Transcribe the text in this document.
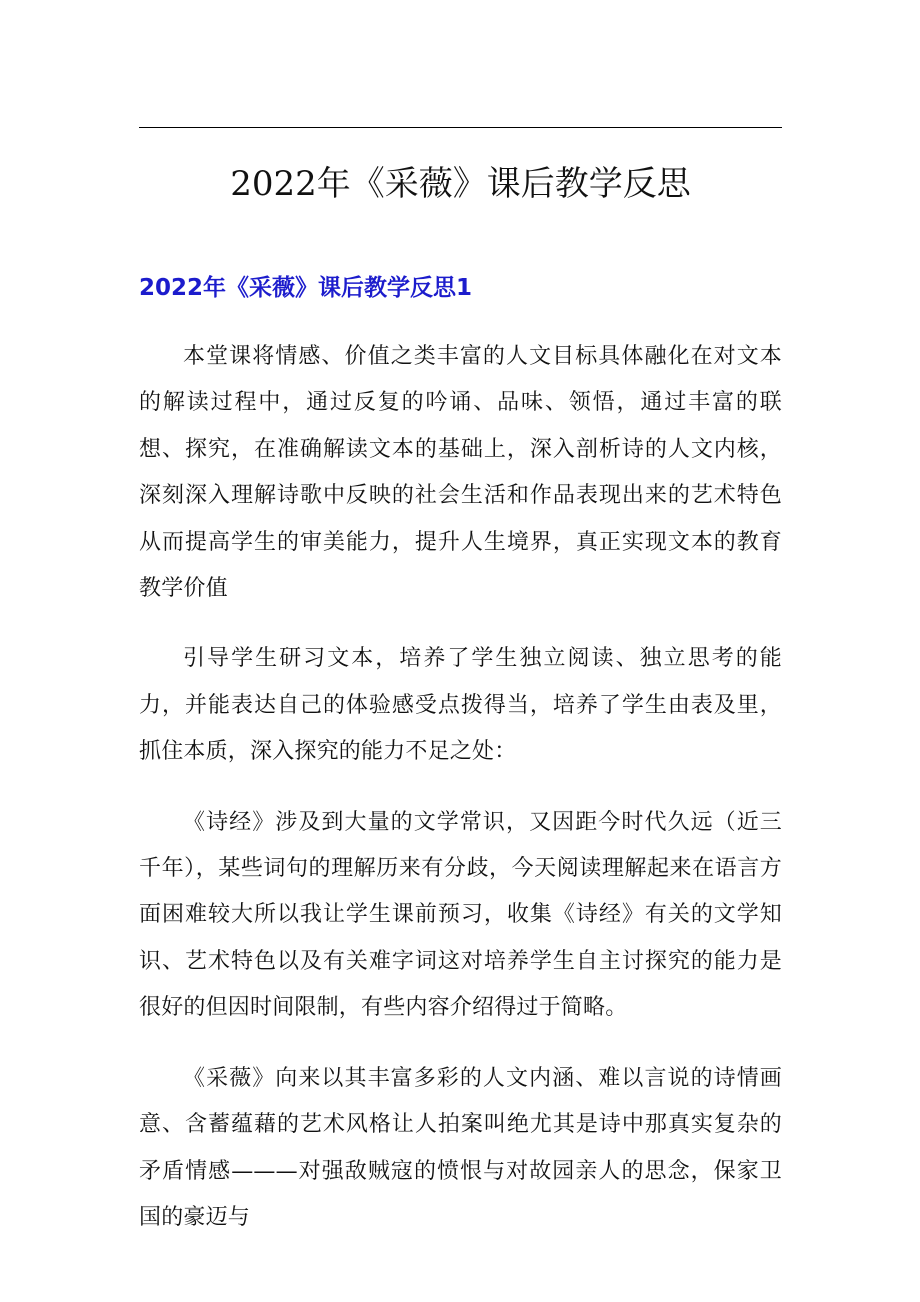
2022年《采薇》课后教学反思
2022年《采薇》课后教学反思1

本堂课将情感、价值之类丰富的人文目标具体融化在对文本的解读过程中，通过反复的吟诵、品味、领悟，通过丰富的联想、探究，在准确解读文本的基础上，深入剖析诗的人文内核，深刻深入理解诗歌中反映的社会生活和作品表现出来的艺术特色从而提高学生的审美能力，提升人生境界，真正实现文本的教育教学价值

引导学生研习文本，培养了学生独立阅读、独立思考的能力，并能表达自己的体验感受点拨得当，培养了学生由表及里，抓住本质，深入探究的能力不足之处：

《诗经》涉及到大量的文学常识，又因距今时代久远（近三千年），某些词句的理解历来有分歧，今天阅读理解起来在语言方面困难较大所以我让学生课前预习，收集《诗经》有关的文学知识、艺术特色以及有关难字词这对培养学生自主讨探究的能力是很好的但因时间限制，有些内容介绍得过于简略。

《采薇》向来以其丰富多彩的人文内涵、难以言说的诗情画意、含蓄蕴藉的艺术风格让人拍案叫绝尤其是诗中那真实复杂的矛盾情感———对强敌贼寇的愤恨与对故园亲人的思念，保家卫国的豪迈与
